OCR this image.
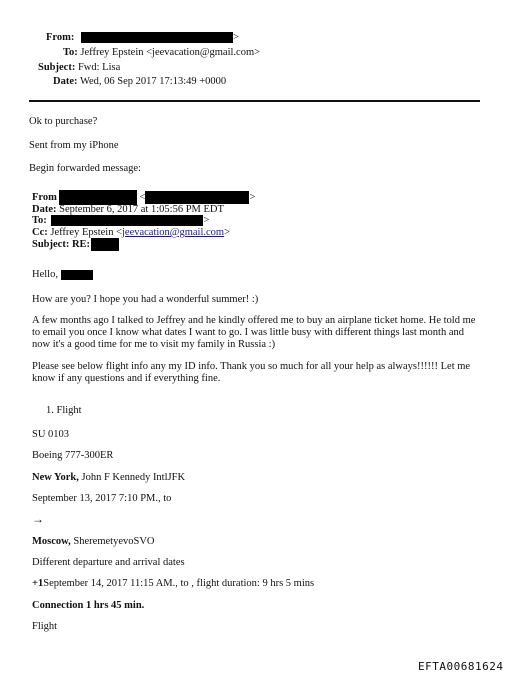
From:	>
To: Jeffrey Epstein <jeevacation@gmail.com>
Subject: Fwd: Lisa
Date: Wed, 06 Sep 2017 17:13:49 +0000
Ok to purchase?
Sent from my iPhone
Begin forwarded message:
From	<	>
Date: September 6, 2017 at 1:05:56 PM EDT
To:	>
Cc: Jeffrey Epstein <jeevacation@gmail.com>
Subject: RE:
Hello,
How are you? I hope you had a wonderful summer! :)
A few months ago I talked to Jeffrey and he kindly offered me to buy an airplane ticket home. He told me to email you once I know what dates I want to go. I was little busy with different things last month and now it's a good time for me to visit my family in Russia :)
Please see below flight info any my ID info. Thank you so much for all your help as always!!!!!! Let me know if any questions and if everything fine.
1. Flight
SU 0103
Boeing 777-300ER
New York, John F Kennedy IntlJFK
September 13, 2017 7:10 PM., to
→
Moscow, SheremetyevoSVO
Different departure and arrival dates
+1September 14, 2017 11:15 AM., to , flight duration: 9 hrs 5 mins
Connection 1 hrs 45 min.
Flight
EFTA00681624
